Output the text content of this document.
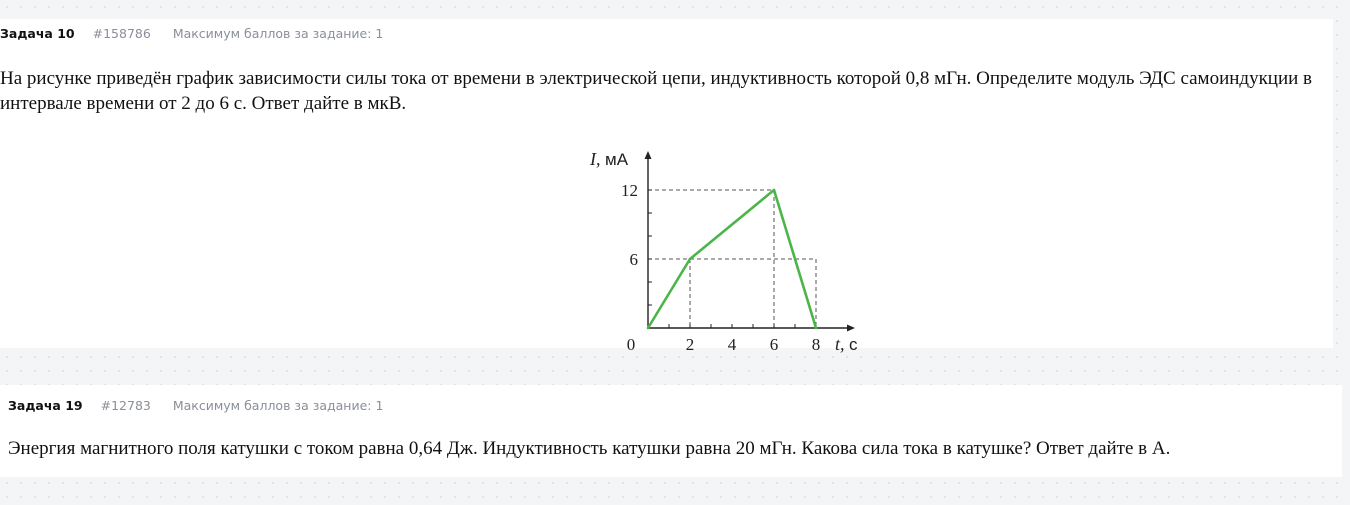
Задача 10 #158786 Максимум баллов за задание: 1
На рисунке приведён график зависимости силы тока от времени в электрической цепи, индуктивность которой 0,8 мГн. Определите модуль ЭДС самоиндукции в интервале времени от 2 до 6 с. Ответ дайте в мкВ.
2 4 6 8
6
12
0
I, мА
t, с
Задача 19 #12783 Максимум баллов за задание: 1
Энергия магнитного поля катушки с током равна 0,64 Дж. Индуктивность катушки равна 20 мГн. Какова сила тока в катушке? Ответ дайте в А.
